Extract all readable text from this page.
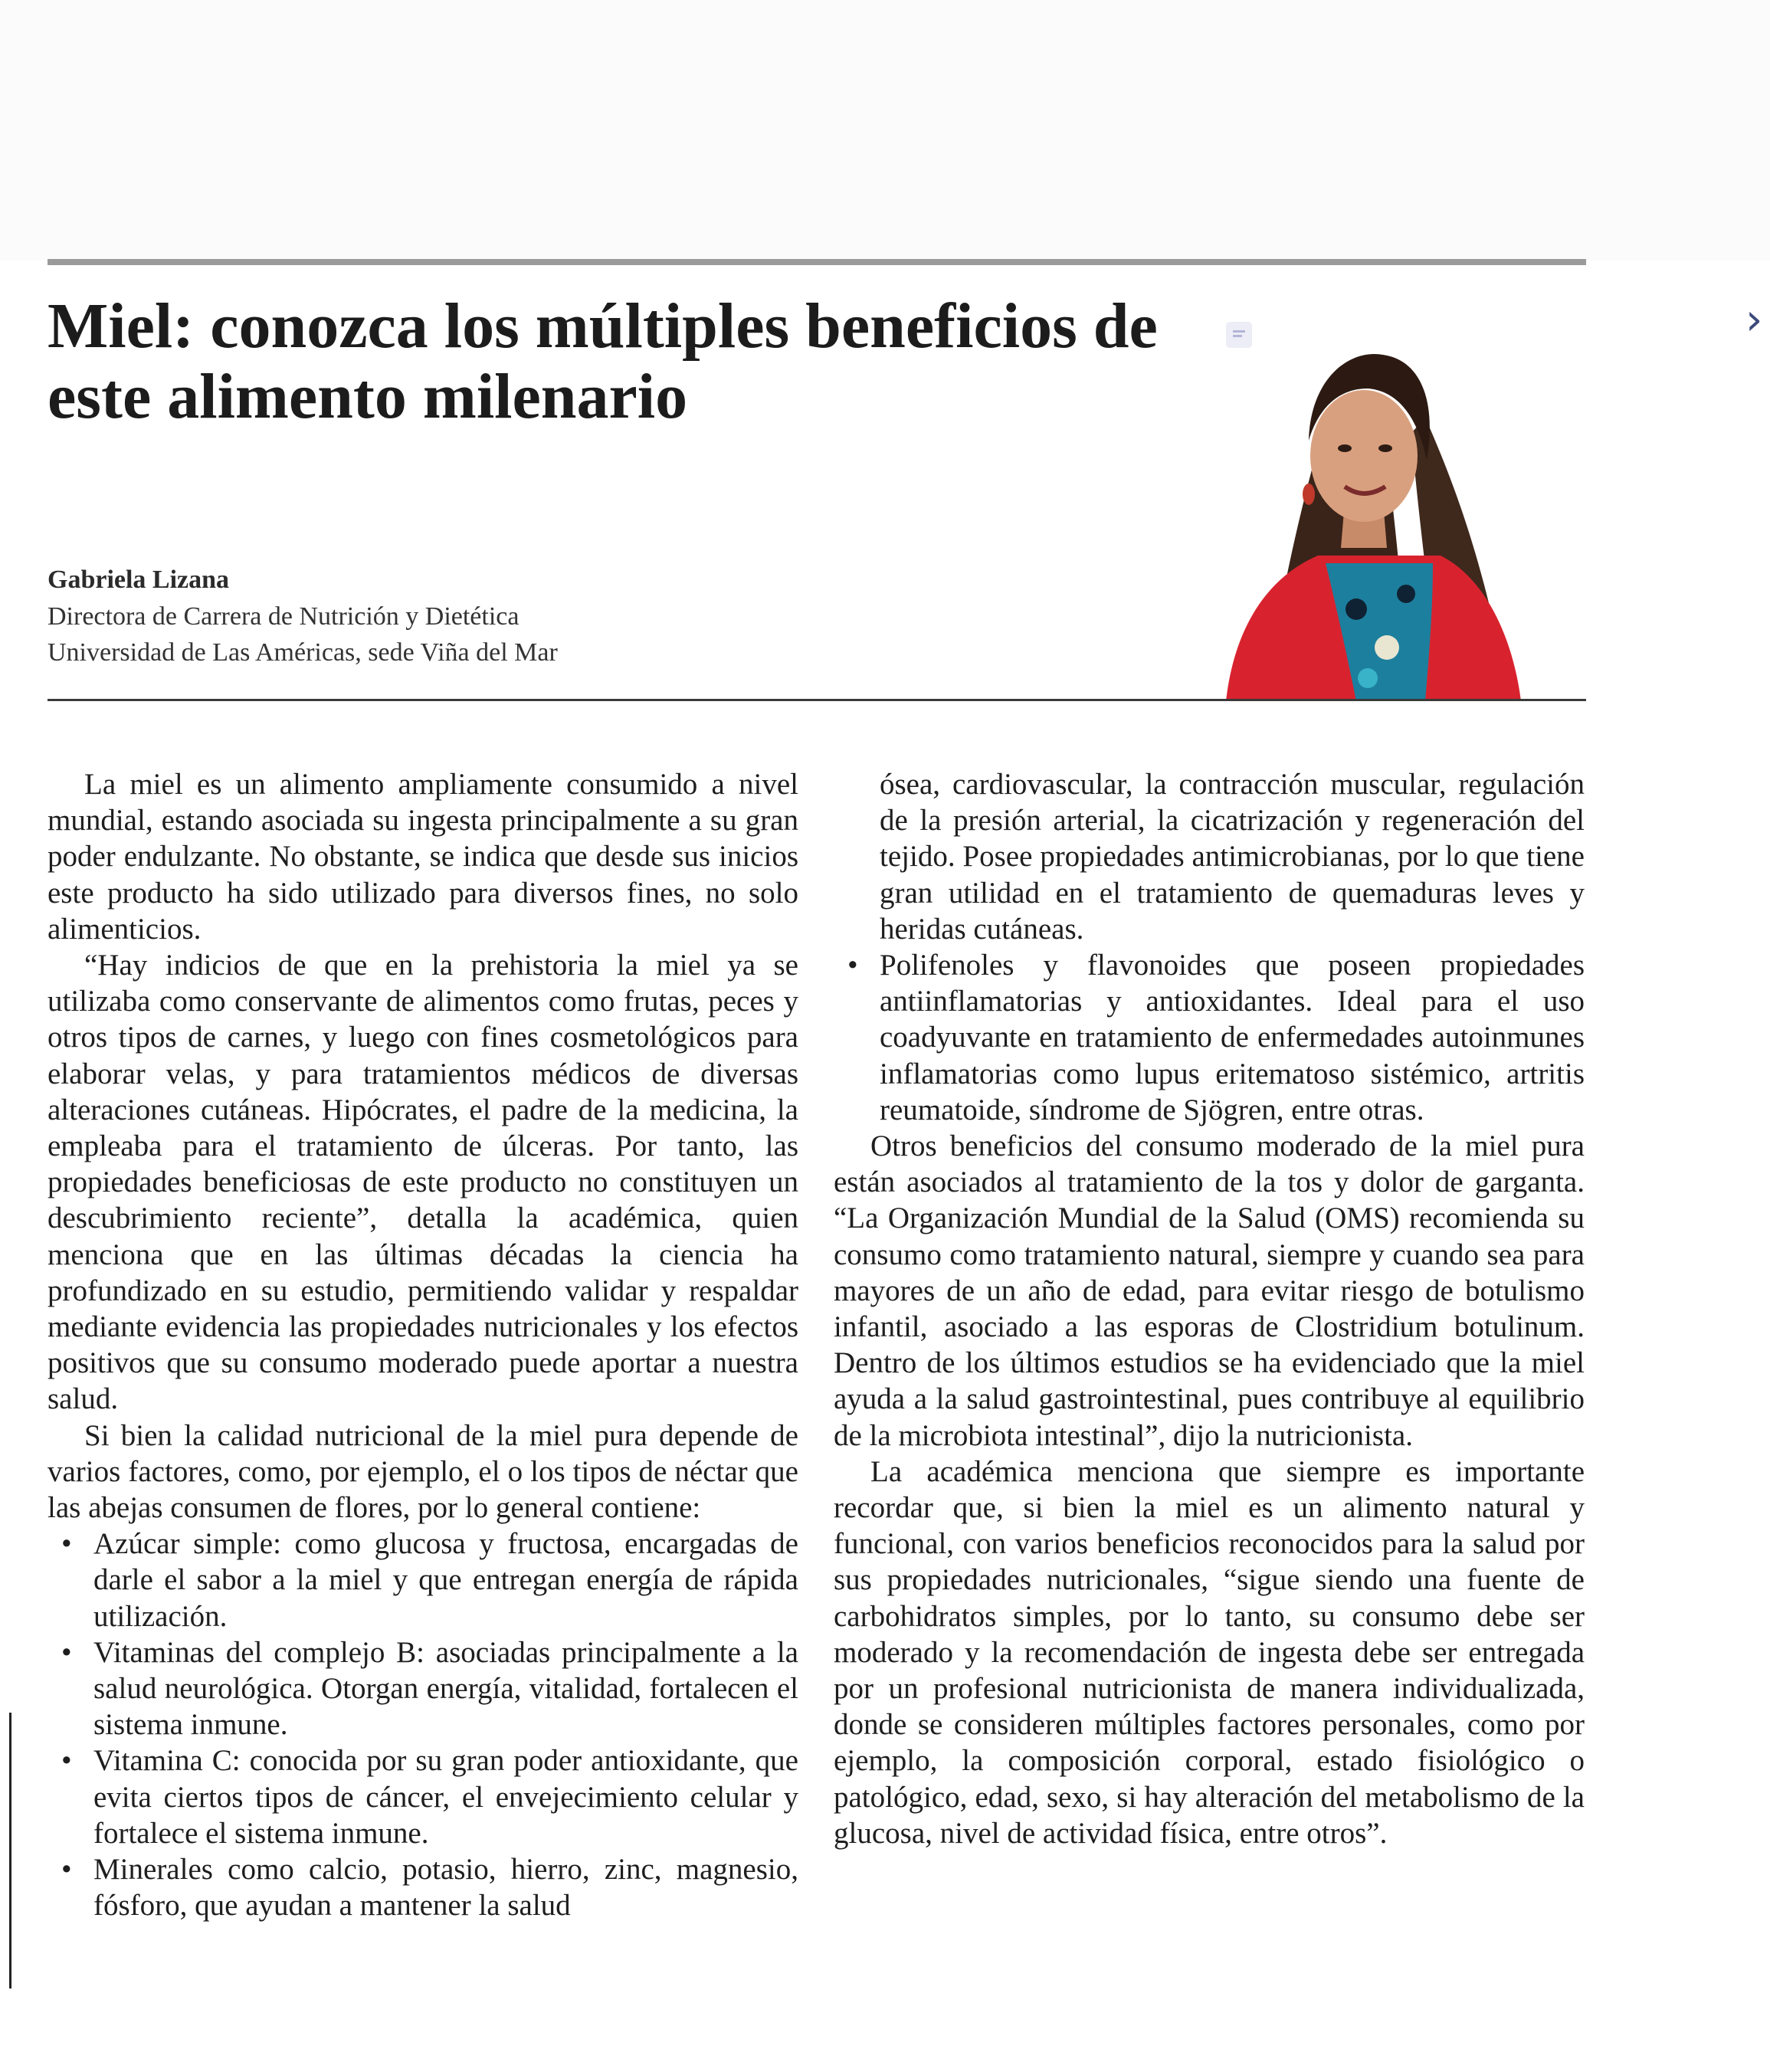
Miel: conozca los múltiples beneficios de este alimento milenario
›
Gabriela Lizana
Directora de Carrera de Nutrición y Dietética
Universidad de Las Américas, sede Viña del Mar

La miel es un alimento ampliamente consumido a nivel mundial, estando asociada su ingesta principalmente a su gran poder endulzante. No obstante, se indica que desde sus inicios este producto ha sido utilizado para diversos fines, no solo alimenticios.

“Hay indicios de que en la prehistoria la miel ya se utilizaba como conservante de alimentos como frutas, peces y otros tipos de carnes, y luego con fines cosmetológicos para elaborar velas, y para tratamientos médicos de diversas alteraciones cutáneas. Hipócrates, el padre de la medicina, la empleaba para el tratamiento de úlceras. Por tanto, las propiedades beneficiosas de este producto no constituyen un descubrimiento reciente”, detalla la académica, quien menciona que en las últimas décadas la ciencia ha profundizado en su estudio, permitiendo validar y respaldar mediante evidencia las propiedades nutricionales y los efectos positivos que su consumo moderado puede aportar a nuestra salud.

Si bien la calidad nutricional de la miel pura depende de varios factores, como, por ejemplo, el o los tipos de néctar que las abejas consumen de flores, por lo general contiene:

• Azúcar simple: como glucosa y fructosa, encargadas de darle el sabor a la miel y que entregan energía de rápida utilización.
• Vitaminas del complejo B: asociadas principalmente a la salud neurológica. Otorgan energía, vitalidad, fortalecen el sistema inmune.
• Vitamina C: conocida por su gran poder antioxidante, que evita ciertos tipos de cáncer, el envejecimiento celular y fortalece el sistema inmune.
• Minerales como calcio, potasio, hierro, zinc, magnesio, fósforo, que ayudan a mantener la salud
ósea, cardiovascular, la contracción muscular, regulación de la presión arterial, la cicatrización y regeneración del tejido. Posee propiedades antimicrobianas, por lo que tiene gran utilidad en el tratamiento de quemaduras leves y heridas cutáneas.
• Polifenoles y flavonoides que poseen propiedades antiinflamatorias y antioxidantes. Ideal para el uso coadyuvante en tratamiento de enfermedades autoinmunes inflamatorias como lupus eritematoso sistémico, artritis reumatoide, síndrome de Sjögren, entre otras.

Otros beneficios del consumo moderado de la miel pura están asociados al tratamiento de la tos y dolor de garganta. “La Organización Mundial de la Salud (OMS) recomienda su consumo como tratamiento natural, siempre y cuando sea para mayores de un año de edad, para evitar riesgo de botulismo infantil, asociado a las esporas de Clostridium botulinum. Dentro de los últimos estudios se ha evidenciado que la miel ayuda a la salud gastrointestinal, pues contribuye al equilibrio de la microbiota intestinal”, dijo la nutricionista.

La académica menciona que siempre es importante recordar que, si bien la miel es un alimento natural y funcional, con varios beneficios reconocidos para la salud por sus propiedades nutricionales, “sigue siendo una fuente de carbohidratos simples, por lo tanto, su consumo debe ser moderado y la recomendación de ingesta debe ser entregada por un profesional nutricionista de manera individualizada, donde se consideren múltiples factores personales, como por ejemplo, la composición corporal, estado fisiológico o patológico, edad, sexo, si hay alteración del metabolismo de la glucosa, nivel de actividad física, entre otros”.
